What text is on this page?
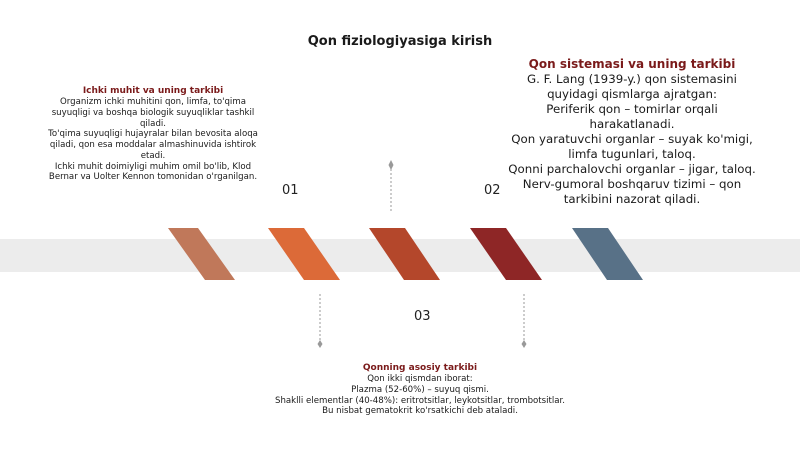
Qon fiziologiyasiga kirish
01	02
03
Ichki muhit va uning tarkibi
Organizm ichki muhitini qon, limfa, to'qima
suyuqligi va boshqa biologik suyuqliklar tashkil
qiladi.
To'qima suyuqligi hujayralar bilan bevosita aloqa
qiladi, qon esa moddalar almashinuvida ishtirok
etadi.
Ichki muhit doimiyligi muhim omil bo'lib, Klod
Bernar va Uolter Kennon tomonidan o'rganilgan.
Qon sistemasi va uning tarkibi
G. F. Lang (1939-y.) qon sistemasini
quyidagi qismlarga ajratgan:
Periferik qon – tomirlar orqali
harakatlanadi.
Qon yaratuvchi organlar – suyak ko'migi,
limfa tugunlari, taloq.
Qonni parchalovchi organlar – jigar, taloq.
Nerv-gumoral boshqaruv tizimi – qon
tarkibini nazorat qiladi.
Qonning asosiy tarkibi
Qon ikki qismdan iborat:
Plazma (52-60%) – suyuq qismi.
Shaklli elementlar (40-48%): eritrotsitlar, leykotsitlar, trombotsitlar.
Bu nisbat gematokrit ko'rsatkichi deb ataladi.
